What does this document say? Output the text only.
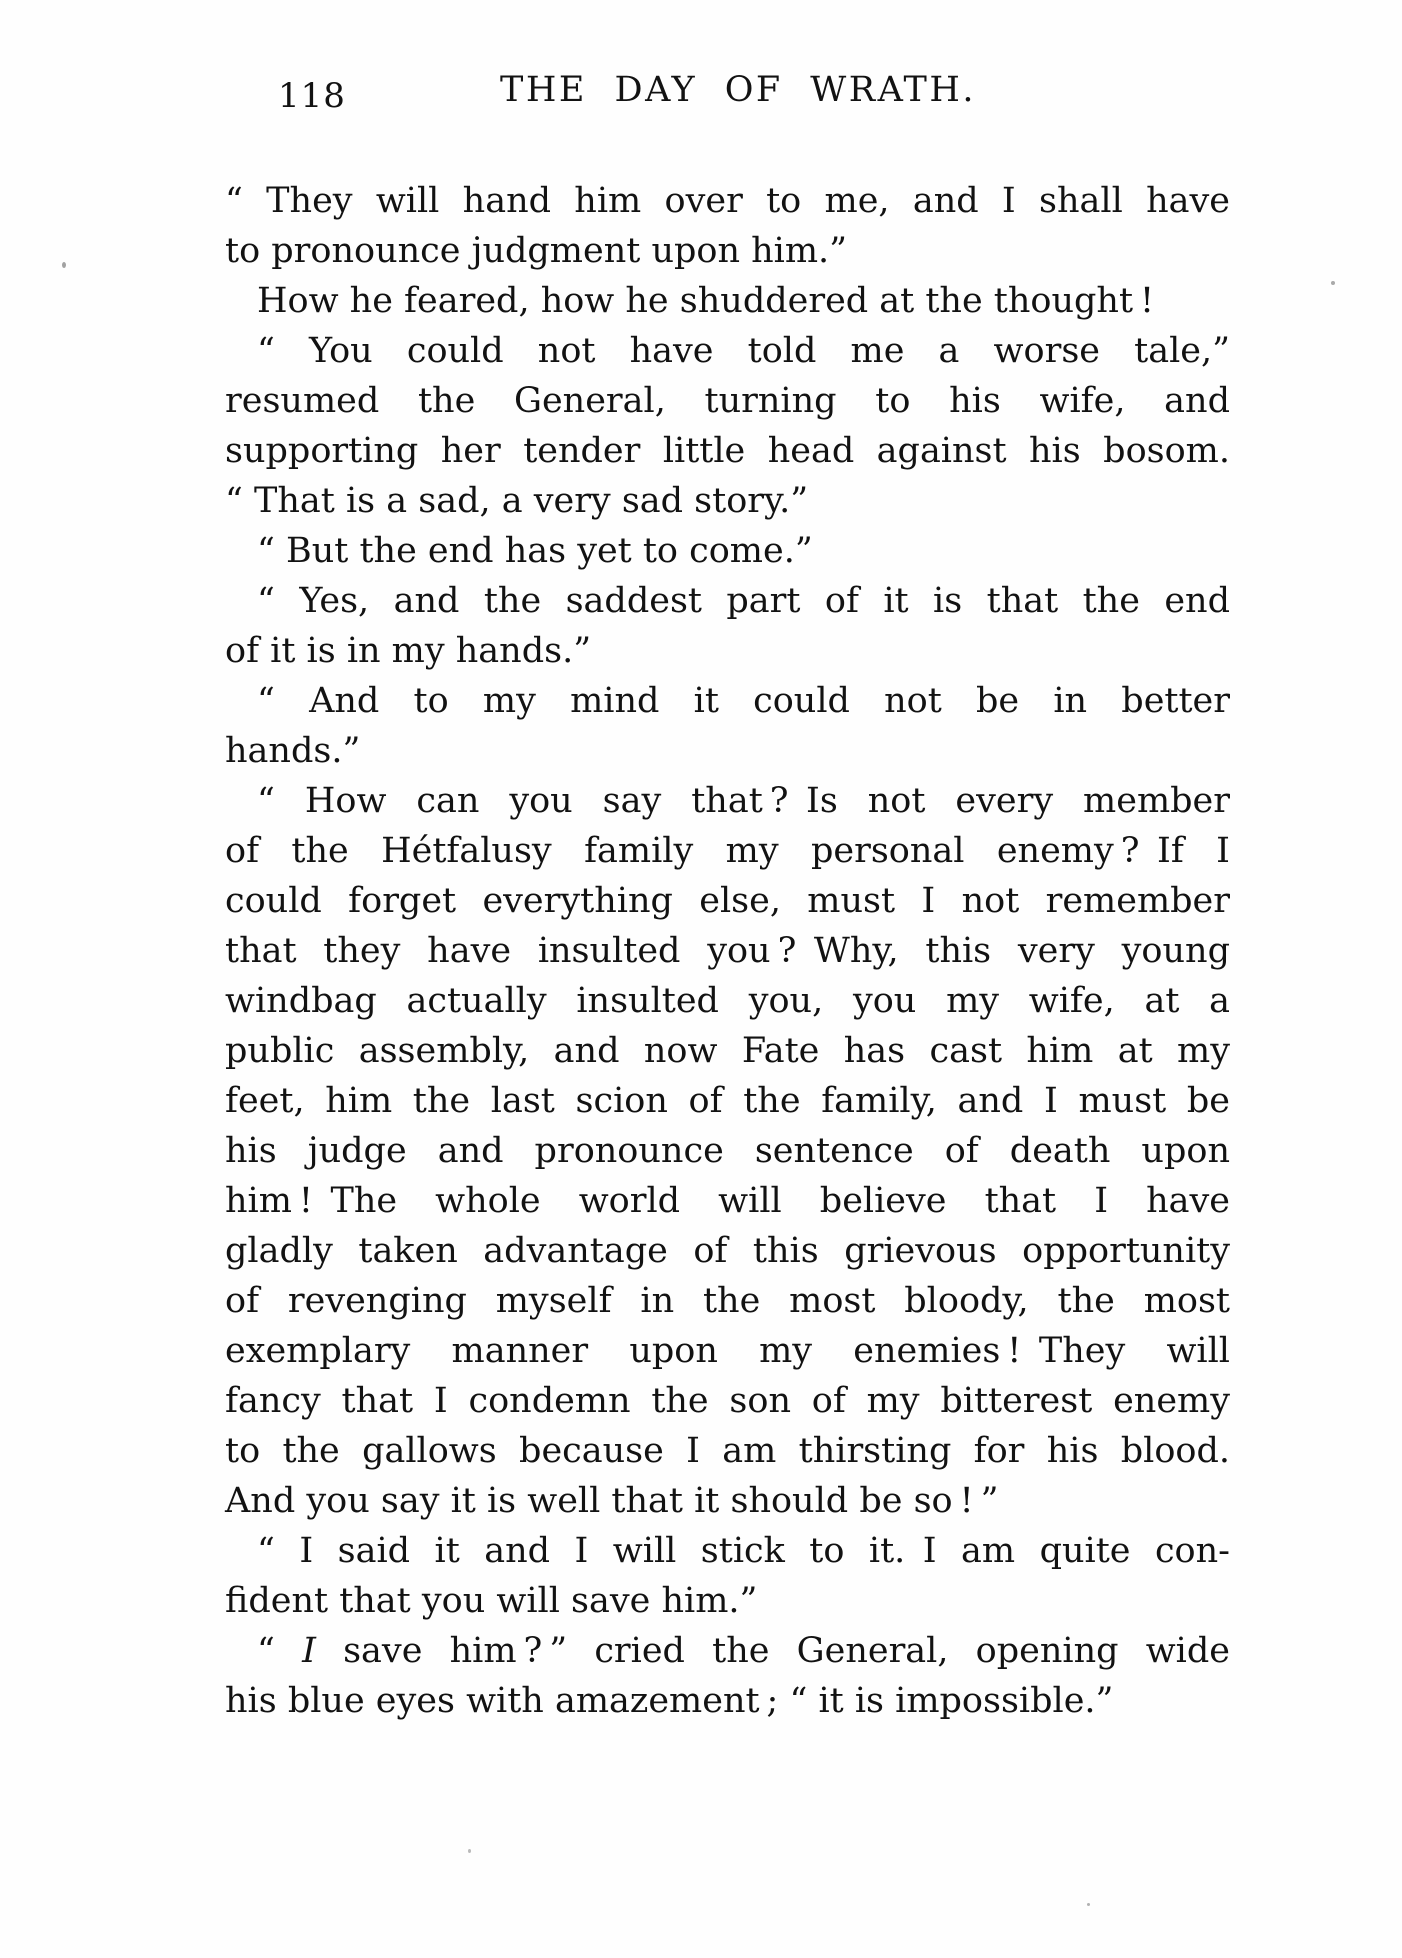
118	THE DAY OF WRATH.
“ They will hand him over to me, and I shall have
to pronounce judgment upon him.”
How he feared, how he shuddered at the thought !
“ You could not have told me a worse tale,”
resumed the General, turning to his wife, and
supporting her tender little head against his bosom.
“ That is a sad, a very sad story.”
“ But the end has yet to come.”
“ Yes, and the saddest part of it is that the end
of it is in my hands.”
“ And to my mind it could not be in better
hands.”
“ How can you say that ? Is not every member
of the Hétfalusy family my personal enemy ? If I
could forget everything else, must I not remember
that they have insulted you ? Why, this very young
windbag actually insulted you, you my wife, at a
public assembly, and now Fate has cast him at my
feet, him the last scion of the family, and I must be
his judge and pronounce sentence of death upon
him ! The whole world will believe that I have
gladly taken advantage of this grievous opportunity
of revenging myself in the most bloody, the most
exemplary manner upon my enemies ! They will
fancy that I condemn the son of my bitterest enemy
to the gallows because I am thirsting for his blood.
And you say it is well that it should be so ! ”
“ I said it and I will stick to it. I am quite con-
fident that you will save him.”
“ I save him ? ” cried the General, opening wide
his blue eyes with amazement ; “ it is impossible.”
